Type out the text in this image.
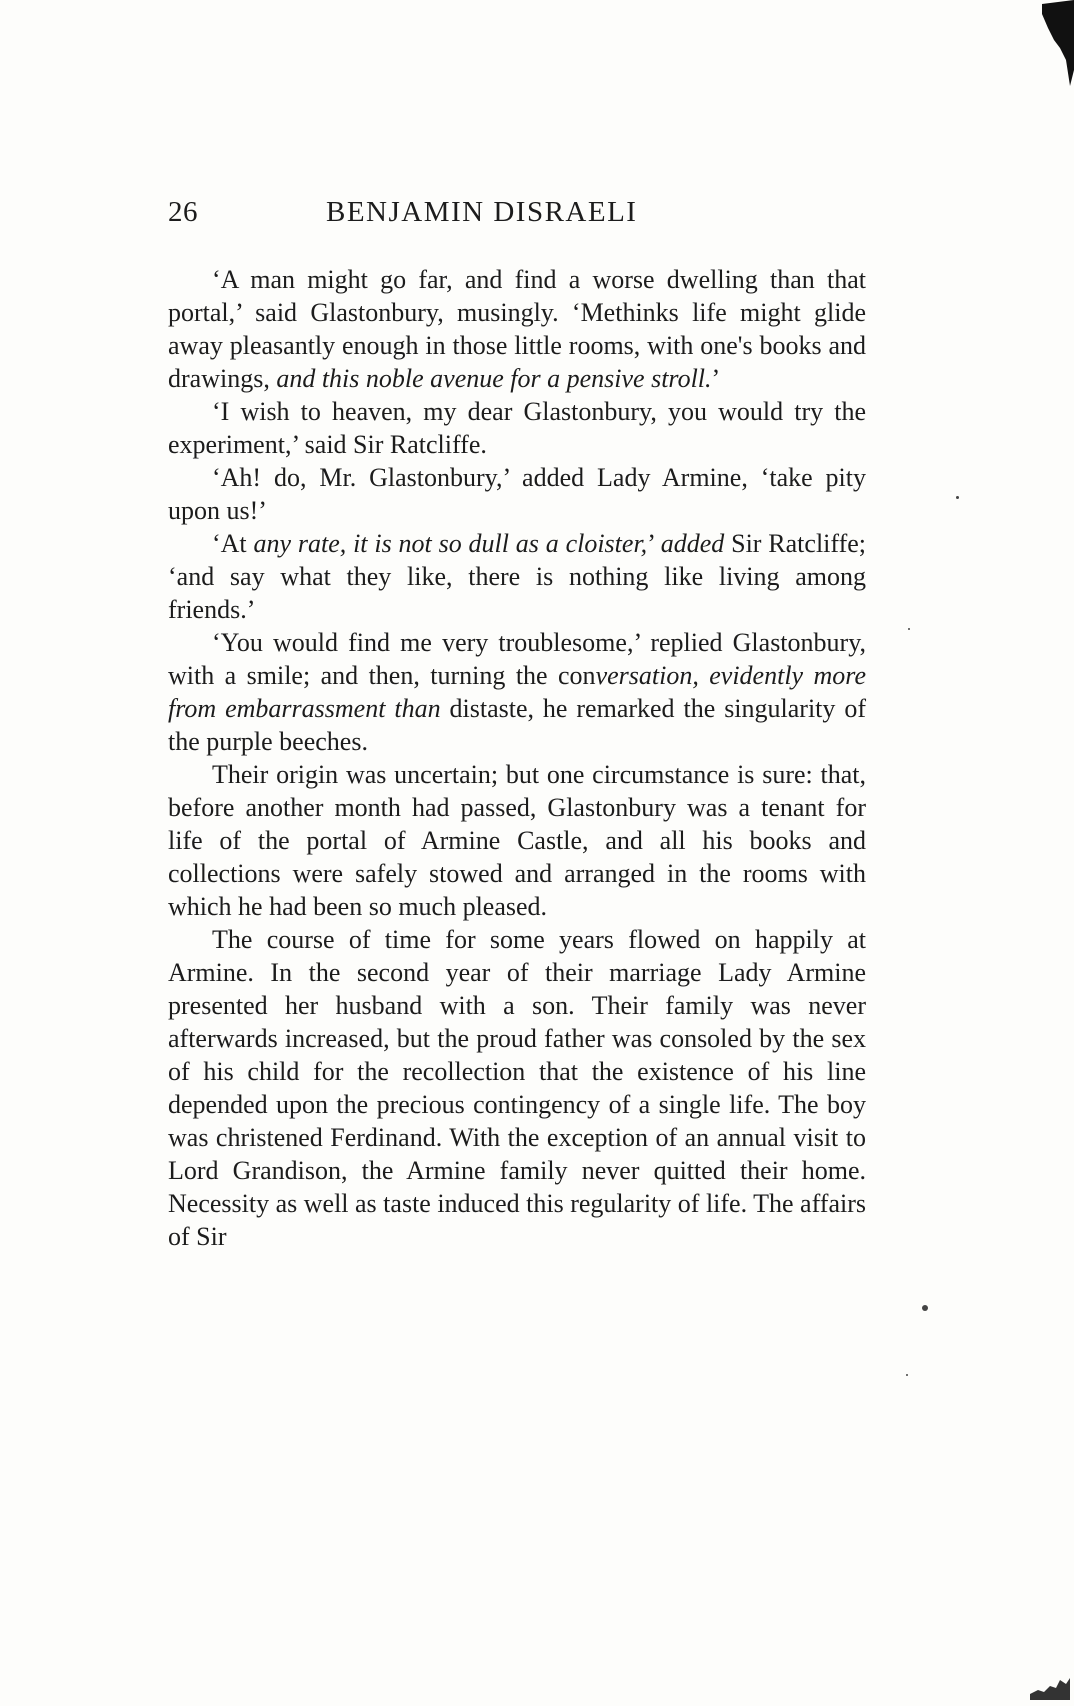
26	BENJAMIN DISRAELI

‘A man might go far, and find a worse dwelling than that portal,’ said Glastonbury, musingly. ‘Methinks life might glide away pleasantly enough in those little rooms, with one's books and drawings, and this noble avenue for a pensive stroll.’

‘I wish to heaven, my dear Glastonbury, you would try the experiment,’ said Sir Ratcliffe.

‘Ah! do, Mr. Glastonbury,’ added Lady Armine, ‘take pity upon us!’

‘At any rate, it is not so dull as a cloister,’ added Sir Ratcliffe; ‘and say what they like, there is nothing like living among friends.’

‘You would find me very troublesome,’ replied Glastonbury, with a smile; and then, turning the conversation, evidently more from embarrassment than distaste, he remarked the singularity of the purple beeches.

Their origin was uncertain; but one circumstance is sure: that, before another month had passed, Glastonbury was a tenant for life of the portal of Armine Castle, and all his books and collections were safely stowed and arranged in the rooms with which he had been so much pleased.

The course of time for some years flowed on happily at Armine. In the second year of their marriage Lady Armine presented her husband with a son. Their family was never afterwards increased, but the proud father was consoled by the sex of his child for the recollection that the existence of his line depended upon the precious contingency of a single life. The boy was christened Ferdinand. With the exception of an annual visit to Lord Grandison, the Armine family never quitted their home. Necessity as well as taste induced this regularity of life. The affairs of Sir
